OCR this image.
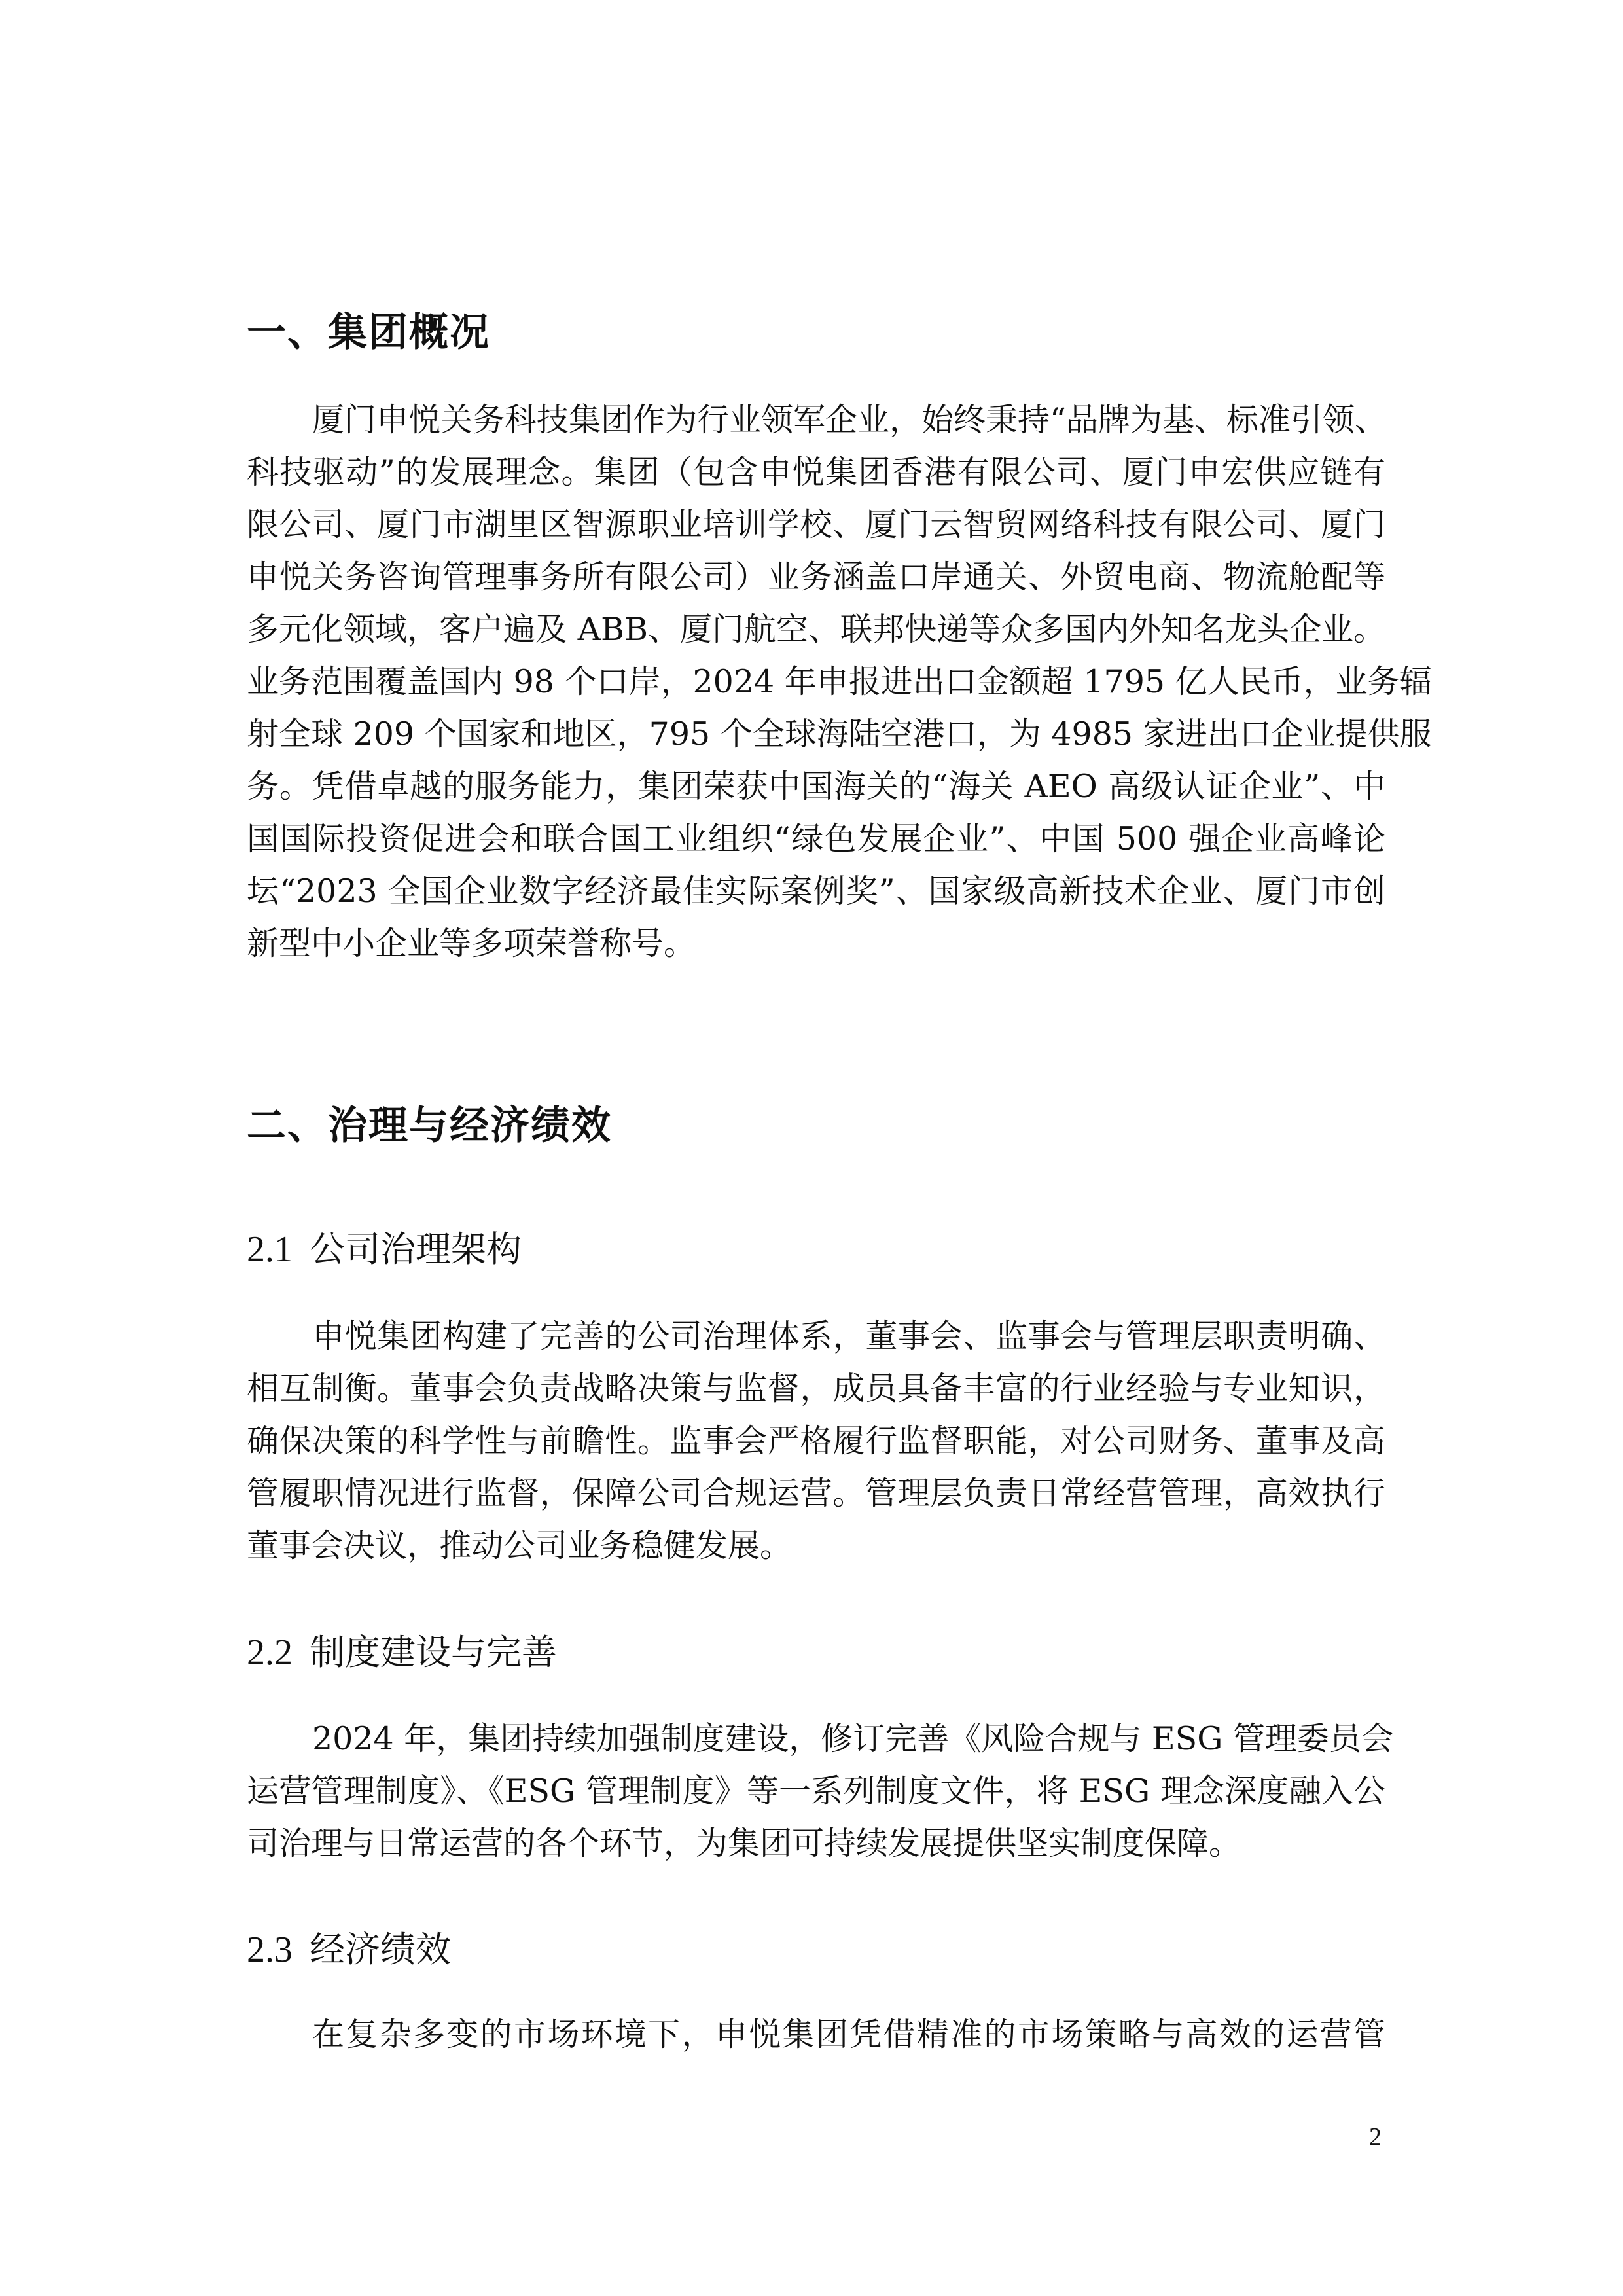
一、集团概况

厦门申悦关务科技集团作为行业领军企业，始终秉持“品牌为基、标准引领、
科技驱动”的发展理念。集团（包含申悦集团香港有限公司、厦门申宏供应链有
限公司、厦门市湖里区智源职业培训学校、厦门云智贸网络科技有限公司、厦门
申悦关务咨询管理事务所有限公司）业务涵盖口岸通关、外贸电商、物流舱配等
多元化领域，客户遍及 ABB、厦门航空、联邦快递等众多国内外知名龙头企业。
业务范围覆盖国内 98 个口岸，2024 年申报进出口金额超 1795 亿人民币，业务辐
射全球 209 个国家和地区，795 个全球海陆空港口，为 4985 家进出口企业提供服
务。凭借卓越的服务能力，集团荣获中国海关的“海关 AEO 高级认证企业”、中
国国际投资促进会和联合国工业组织“绿色发展企业”、中国 500 强企业高峰论
坛“2023 全国企业数字经济最佳实际案例奖”、国家级高新技术企业、厦门市创
新型中小企业等多项荣誉称号。

二、治理与经济绩效
2.1 公司治理架构

申悦集团构建了完善的公司治理体系，董事会、监事会与管理层职责明确、
相互制衡。董事会负责战略决策与监督，成员具备丰富的行业经验与专业知识，
确保决策的科学性与前瞻性。监事会严格履行监督职能，对公司财务、董事及高
管履职情况进行监督，保障公司合规运营。管理层负责日常经营管理，高效执行
董事会决议，推动公司业务稳健发展。

2.2 制度建设与完善

2024 年，集团持续加强制度建设，修订完善《风险合规与 ESG 管理委员会
运营管理制度》、《ESG 管理制度》等一系列制度文件，将 ESG 理念深度融入公
司治理与日常运营的各个环节，为集团可持续发展提供坚实制度保障。

2.3 经济绩效

在复杂多变的市场环境下，申悦集团凭借精准的市场策略与高效的运营管

2
